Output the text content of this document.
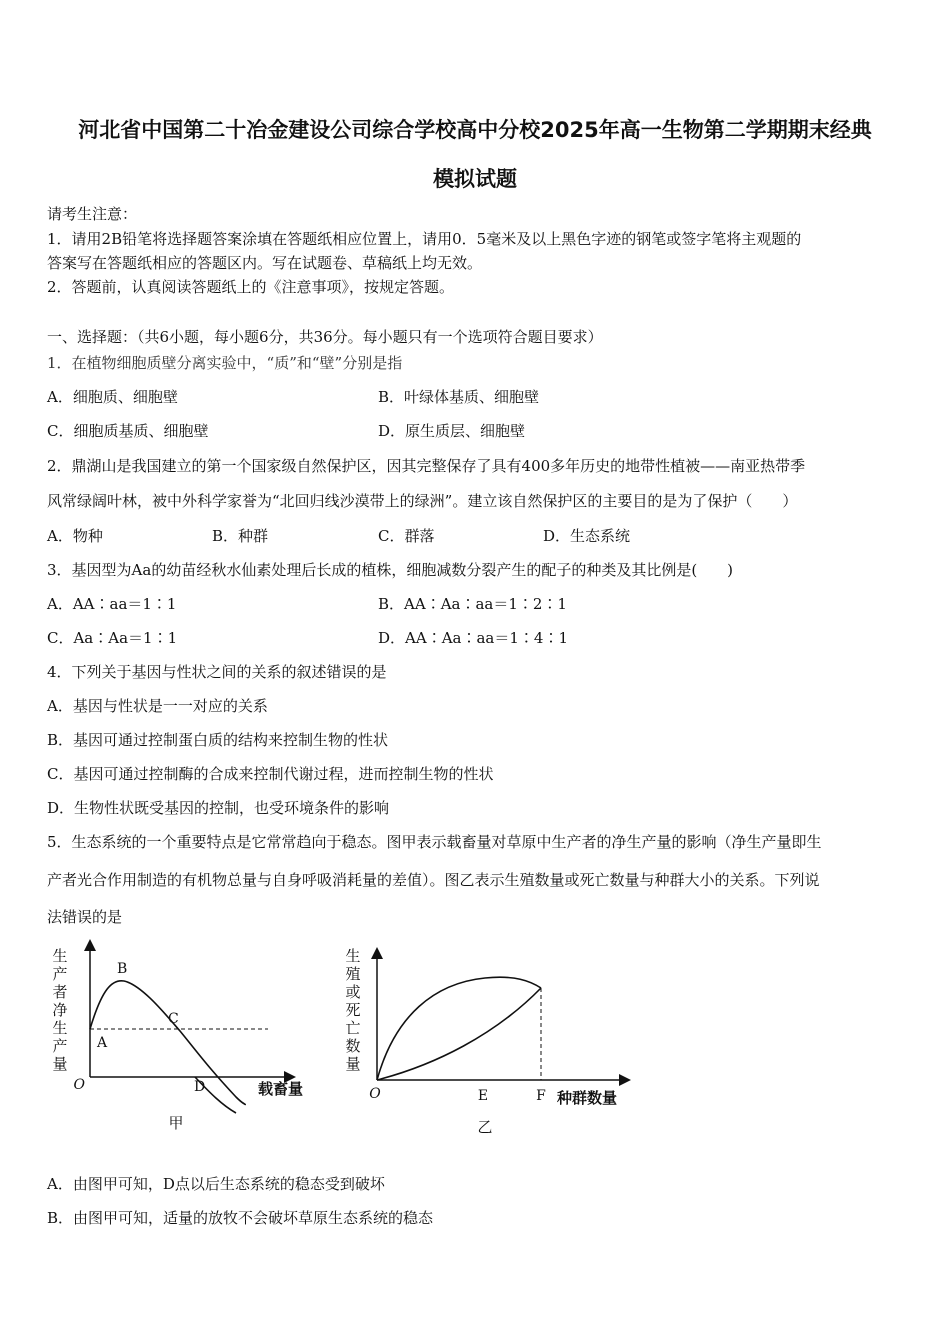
河北省中国第二十冶金建设公司综合学校高中分校2025年高一生物第二学期期末经典
模拟试题
请考生注意：
1．请用2B铅笔将选择题答案涂填在答题纸相应位置上，请用0．5毫米及以上黑色字迹的钢笔或签字笔将主观题的
答案写在答题纸相应的答题区内。写在试题卷、草稿纸上均无效。
2．答题前，认真阅读答题纸上的《注意事项》，按规定答题。
一、选择题：（共6小题，每小题6分，共36分。每小题只有一个选项符合题目要求）
1．在植物细胞质壁分离实验中，“质”和“壁”分别是指
A．细胞质、细胞壁	B．叶绿体基质、细胞壁
C．细胞质基质、细胞壁	D．原生质层、细胞壁
2．鼎湖山是我国建立的第一个国家级自然保护区，因其完整保存了具有400多年历史的地带性植被——南亚热带季
风常绿阔叶林，被中外科学家誉为“北回归线沙漠带上的绿洲”。建立该自然保护区的主要目的是为了保护（　　）
A．物种	B．种群	C．群落	D．生态系统
3．基因型为Aa的幼苗经秋水仙素处理后长成的植株，细胞减数分裂产生的配子的种类及其比例是(　　)
A．AA∶aa＝1∶1	B．AA∶Aa∶aa＝1∶2∶1
C．Aa∶Aa＝1∶1	D．AA∶Aa∶aa＝1∶4∶1
4．下列关于基因与性状之间的关系的叙述错误的是
A．基因与性状是一一对应的关系
B．基因可通过控制蛋白质的结构来控制生物的性状
C．基因可通过控制酶的合成来控制代谢过程，进而控制生物的性状
D．生物性状既受基因的控制，也受环境条件的影响
5．生态系统的一个重要特点是它常常趋向于稳态。图甲表示载畜量对草原中生产者的净生产量的影响（净生产量即生
产者光合作用制造的有机物总量与自身呼吸消耗量的差值）。图乙表示生殖数量或死亡数量与种群大小的关系。下列说
法错误的是
生
产
者
净
生
产
量
O
A
B
C
D	载畜量
甲
生
殖
或
死
亡
数
量
O	E	F 种群数量
乙
A．由图甲可知，D点以后生态系统的稳态受到破坏
B．由图甲可知，适量的放牧不会破坏草原生态系统的稳态
